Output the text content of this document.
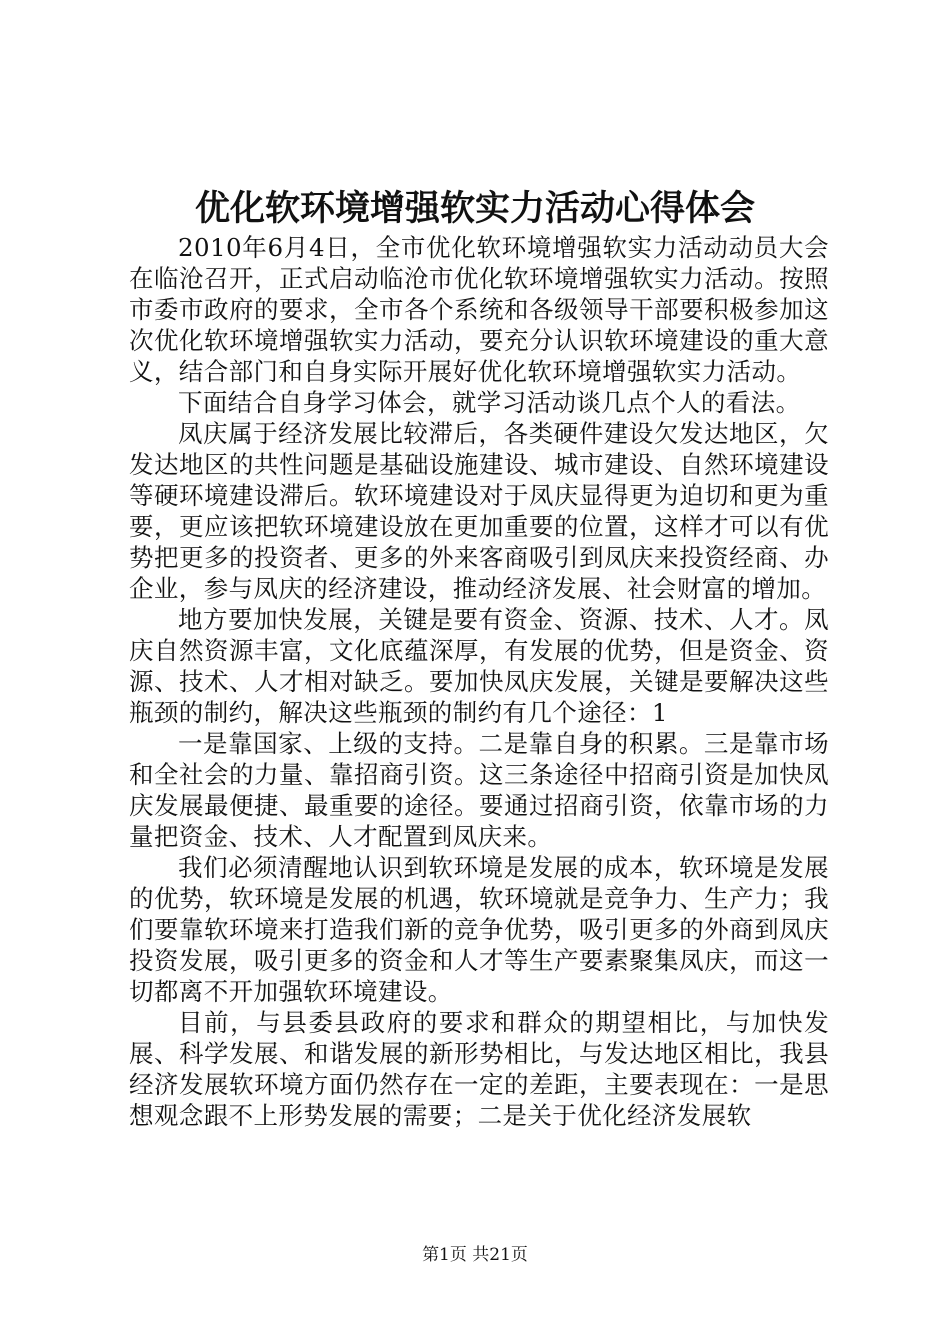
优化软环境增强软实力活动心得体会

2010年6月4日，全市优化软环境增强软实力活动动员大会在临沧召开，正式启动临沧市优化软环境增强软实力活动。按照市委市政府的要求，全市各个系统和各级领导干部要积极参加这次优化软环境增强软实力活动，要充分认识软环境建设的重大意义，结合部门和自身实际开展好优化软环境增强软实力活动。

下面结合自身学习体会，就学习活动谈几点个人的看法。

凤庆属于经济发展比较滞后，各类硬件建设欠发达地区，欠发达地区的共性问题是基础设施建设、城市建设、自然环境建设等硬环境建设滞后。软环境建设对于凤庆显得更为迫切和更为重要，更应该把软环境建设放在更加重要的位置，这样才可以有优势把更多的投资者、更多的外来客商吸引到凤庆来投资经商、办企业，参与凤庆的经济建设，推动经济发展、社会财富的增加。

地方要加快发展，关键是要有资金、资源、技术、人才。凤庆自然资源丰富，文化底蕴深厚，有发展的优势，但是资金、资源、技术、人才相对缺乏。要加快凤庆发展，关键是要解决这些瓶颈的制约，解决这些瓶颈的制约有几个途径：1

一是靠国家、上级的支持。二是靠自身的积累。三是靠市场和全社会的力量、靠招商引资。这三条途径中招商引资是加快凤庆发展最便捷、最重要的途径。要通过招商引资，依靠市场的力量把资金、技术、人才配置到凤庆来。

我们必须清醒地认识到软环境是发展的成本，软环境是发展的优势，软环境是发展的机遇，软环境就是竞争力、生产力；我们要靠软环境来打造我们新的竞争优势，吸引更多的外商到凤庆投资发展，吸引更多的资金和人才等生产要素聚集凤庆，而这一切都离不开加强软环境建设。

目前，与县委县政府的要求和群众的期望相比，与加快发展、科学发展、和谐发展的新形势相比，与发达地区相比，我县经济发展软环境方面仍然存在一定的差距，主要表现在：一是思想观念跟不上形势发展的需要；二是关于优化经济发展软

第1页 共21页
